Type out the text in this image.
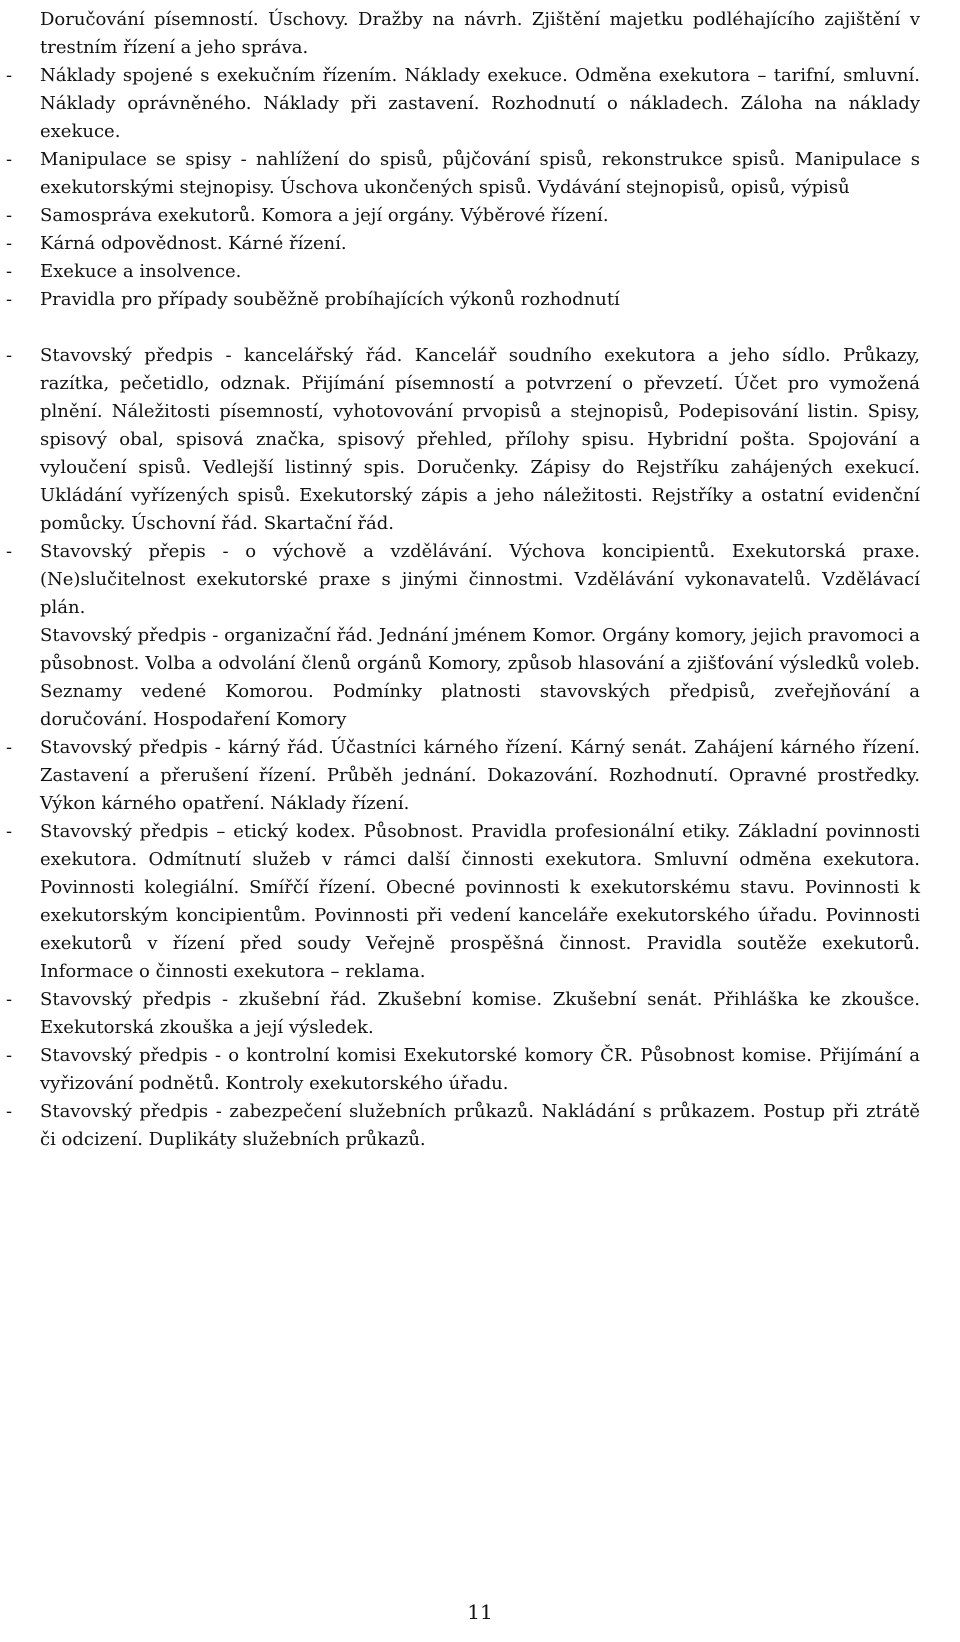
Doručování písemností. Úschovy. Dražby na návrh. Zjištění majetku podléhajícího zajištění v trestním řízení a jeho správa.
- Náklady spojené s exekučním řízením. Náklady exekuce. Odměna exekutora – tarifní, smluvní. Náklady oprávněného. Náklady při zastavení. Rozhodnutí o nákladech. Záloha na náklady exekuce.
- Manipulace se spisy - nahlížení do spisů, půjčování spisů, rekonstrukce spisů. Manipulace s exekutorskými stejnopisy. Úschova ukončených spisů. Vydávání stejnopisů, opisů, výpisů
- Samospráva exekutorů. Komora a její orgány. Výběrové řízení.
- Kárná odpovědnost. Kárné řízení.
- Exekuce a insolvence.
- Pravidla pro případy souběžně probíhajících výkonů rozhodnutí
- Stavovský předpis - kancelářský řád. Kancelář soudního exekutora a jeho sídlo. Průkazy, razítka, pečetidlo, odznak. Přijímání písemností a potvrzení o převzetí. Účet pro vymožená plnění. Náležitosti písemností, vyhotovování prvopisů a stejnopisů, Podepisování listin. Spisy, spisový obal, spisová značka, spisový přehled, přílohy spisu. Hybridní pošta. Spojování a vyloučení spisů. Vedlejší listinný spis. Doručenky. Zápisy do Rejstříku zahájených exekucí. Ukládání vyřízených spisů. Exekutorský zápis a jeho náležitosti. Rejstříky a ostatní evidenční pomůcky. Úschovní řád. Skartační řád.
- Stavovský přepis - o výchově a vzdělávání. Výchova koncipientů. Exekutorská praxe. (Ne)slučitelnost exekutorské praxe s jinými činnostmi. Vzdělávání vykonavatelů. Vzdělávací plán.
Stavovský předpis - organizační řád. Jednání jménem Komor. Orgány komory, jejich pravomoci a působnost. Volba a odvolání členů orgánů Komory, způsob hlasování a zjišťování výsledků voleb. Seznamy vedené Komorou. Podmínky platnosti stavovských předpisů, zveřejňování a doručování. Hospodaření Komory
- Stavovský předpis - kárný řád. Účastníci kárného řízení. Kárný senát. Zahájení kárného řízení. Zastavení a přerušení řízení. Průběh jednání. Dokazování. Rozhodnutí. Opravné prostředky. Výkon kárného opatření. Náklady řízení.
- Stavovský předpis – etický kodex. Působnost. Pravidla profesionální etiky. Základní povinnosti exekutora. Odmítnutí služeb v rámci další činnosti exekutora. Smluvní odměna exekutora. Povinnosti kolegiální. Smířčí řízení. Obecné povinnosti k exekutorskému stavu. Povinnosti k exekutorským koncipientům. Povinnosti při vedení kanceláře exekutorského úřadu. Povinnosti exekutorů v řízení před soudy Veřejně prospěšná činnost. Pravidla soutěže exekutorů. Informace o činnosti exekutora – reklama.
- Stavovský předpis - zkušební řád. Zkušební komise. Zkušební senát. Přihláška ke zkoušce. Exekutorská zkouška a její výsledek.
- Stavovský předpis - o kontrolní komisi Exekutorské komory ČR. Působnost komise. Přijímání a vyřizování podnětů. Kontroly exekutorského úřadu.
- Stavovský předpis - zabezpečení služebních průkazů. Nakládání s průkazem. Postup při ztrátě či odcizení. Duplikáty služebních průkazů.
11
